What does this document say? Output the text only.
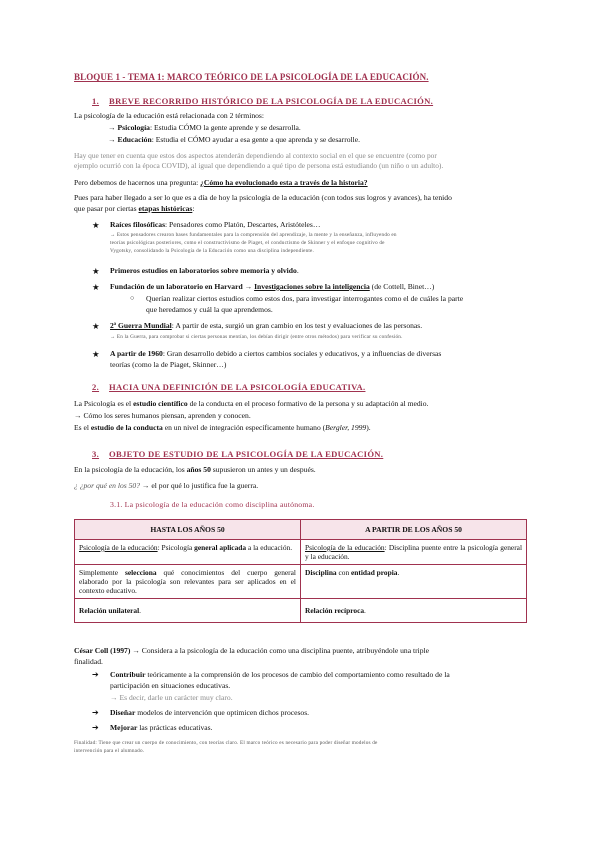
BLOQUE 1 - TEMA 1: MARCO TEÓRICO DE LA PSICOLOGÍA DE LA EDUCACIÓN.
1. BREVE RECORRIDO HISTÓRICO DE LA PSICOLOGÍA DE LA EDUCACIÓN.
La psicología de la educación está relacionada con 2 términos:
→ Psicología: Estudia CÓMO la gente aprende y se desarrolla.
→ Educación: Estudia el CÓMO ayudar a esa gente a que aprenda y se desarrolle.
Hay que tener en cuenta que estos dos aspectos atenderán dependiendo al contexto social en el que se encuentre (como por
ejemplo ocurrió con la época COVID), al igual que dependiendo a qué tipo de persona está estudiando (un niño o un adulto).
Pero debemos de hacernos una pregunta: ¿Cómo ha evolucionado esta a través de la historia?
Pues para haber llegado a ser lo que es a día de hoy la psicología de la educación (con todos sus logros y avances), ha tenido
que pasar por ciertas etapas históricas:
★ Raíces filosóficas: Pensadores como Platón, Descartes, Aristóteles…
→ Estos pensadores crearon bases fundamentales para la comprensión del aprendizaje, la mente y la enseñanza, influyendo en
teorías psicológicas posteriores, como el constructivismo de Piaget, el conductismo de Skinner y el enfoque cognitivo de
Vygotsky, consolidando la Psicología de la Educación como una disciplina independiente.
★ Primeros estudios en laboratorios sobre memoria y olvido.
★ Fundación de un laboratorio en Harvard → Investigaciones sobre la inteligencia (de Cottell, Binet…)
○ Querían realizar ciertos estudios como estos dos, para investigar interrogantes como el de cuáles la parte
que heredamos y cuál la que aprendemos.
★ 2ª Guerra Mundial: A partir de esta, surgió un gran cambio en los test y evaluaciones de las personas.
→ En la Guerra, para comprobar si ciertas personas mentían, los debían dirigir (entre otros métodos) para verificar su confesión.
★ A partir de 1960: Gran desarrollo debido a ciertos cambios sociales y educativos, y a influencias de diversas
teorías (como la de Piaget, Skinner…)
2. HACIA UNA DEFINICIÓN DE LA PSICOLOGÍA EDUCATIVA.
La Psicología es el estudio científico de la conducta en el proceso formativo de la persona y su adaptación al medio.
→ Cómo los seres humanos piensan, aprenden y conocen.
Es el estudio de la conducta en un nivel de integración específicamente humano (Bergler, 1999).
3. OBJETO DE ESTUDIO DE LA PSICOLOGÍA DE LA EDUCACIÓN.
En la psicología de la educación, los años 50 supusieron un antes y un después.
¿ ¿por qué en los 50? → el por qué lo justifica fue la guerra.
3.1. La psicología de la educación como disciplina autónoma.
HASTA LOS AÑOS 50	A PARTIR DE LOS AÑOS 50
Psicología de la educación: Psicología general aplicada a la educación.	Psicología de la educación: Disciplina puente entre la psicología general y la educación.
Simplemente selecciona qué conocimientos del cuerpo general elaborado por la psicología son relevantes para ser aplicados en el contexto educativo.	Disciplina con entidad propia.
Relación unilateral.	Relación recíproca.
César Coll (1997) → Considera a la psicología de la educación como una disciplina puente, atribuyéndole una triple
finalidad.
➔ Contribuir teóricamente a la comprensión de los procesos de cambio del comportamiento como resultado de la
participación en situaciones educativas.
→ Es decir, darle un carácter muy claro.
➔ Diseñar modelos de intervención que optimicen dichos procesos.
➔ Mejorar las prácticas educativas.
Finalidad: Tiene que crear un cuerpo de conocimiento, con teorías claro. El marco teórico es necesario para poder diseñar modelos de
intervención para el alumnado.
